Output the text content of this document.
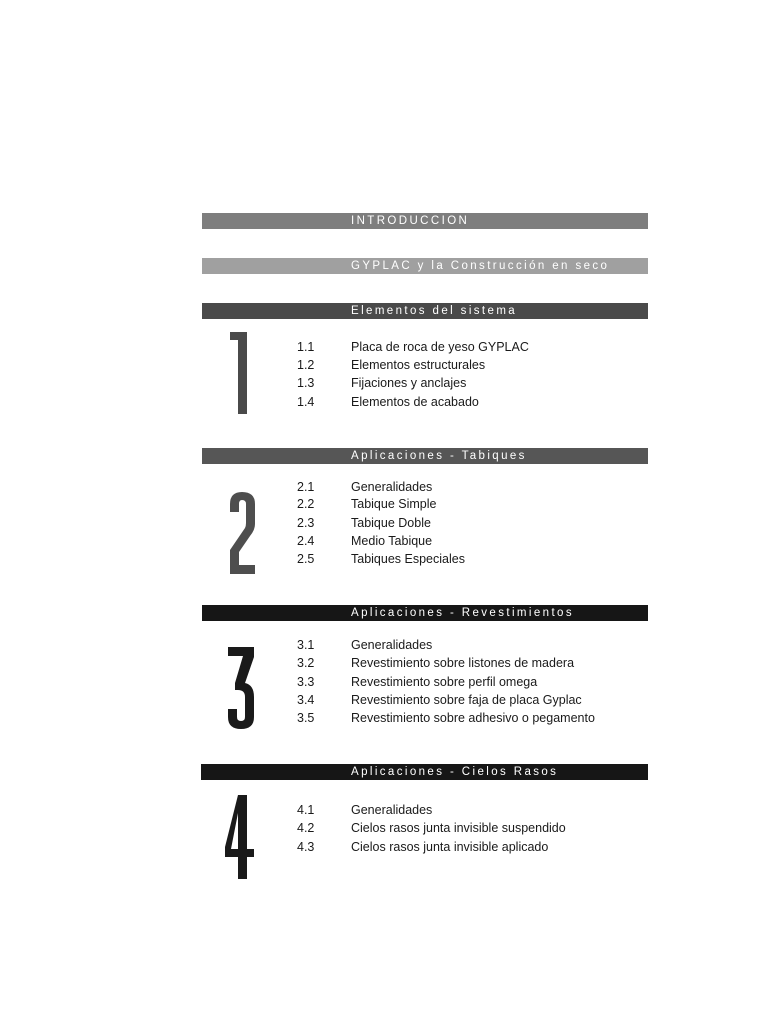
INTRODUCCION
GYPLAC y la Construcción en seco
Elementos del sistema
1.1	Placa de roca de yeso GYPLAC
1.2	Elementos estructurales
1.3	Fijaciones y anclajes
1.4	Elementos de acabado
Aplicaciones - Tabiques
2.1	Generalidades
2.2	Tabique Simple
2.3	Tabique Doble
2.4	Medio Tabique
2.5	Tabiques Especiales
Aplicaciones - Revestimientos
3.1	Generalidades
3.2	Revestimiento sobre listones de madera
3.3	Revestimiento sobre perfil omega
3.4	Revestimiento sobre faja de placa Gyplac
3.5	Revestimiento sobre adhesivo o pegamento
Aplicaciones - Cielos Rasos
4.1	Generalidades
4.2	Cielos rasos junta invisible suspendido
4.3	Cielos rasos junta invisible aplicado
